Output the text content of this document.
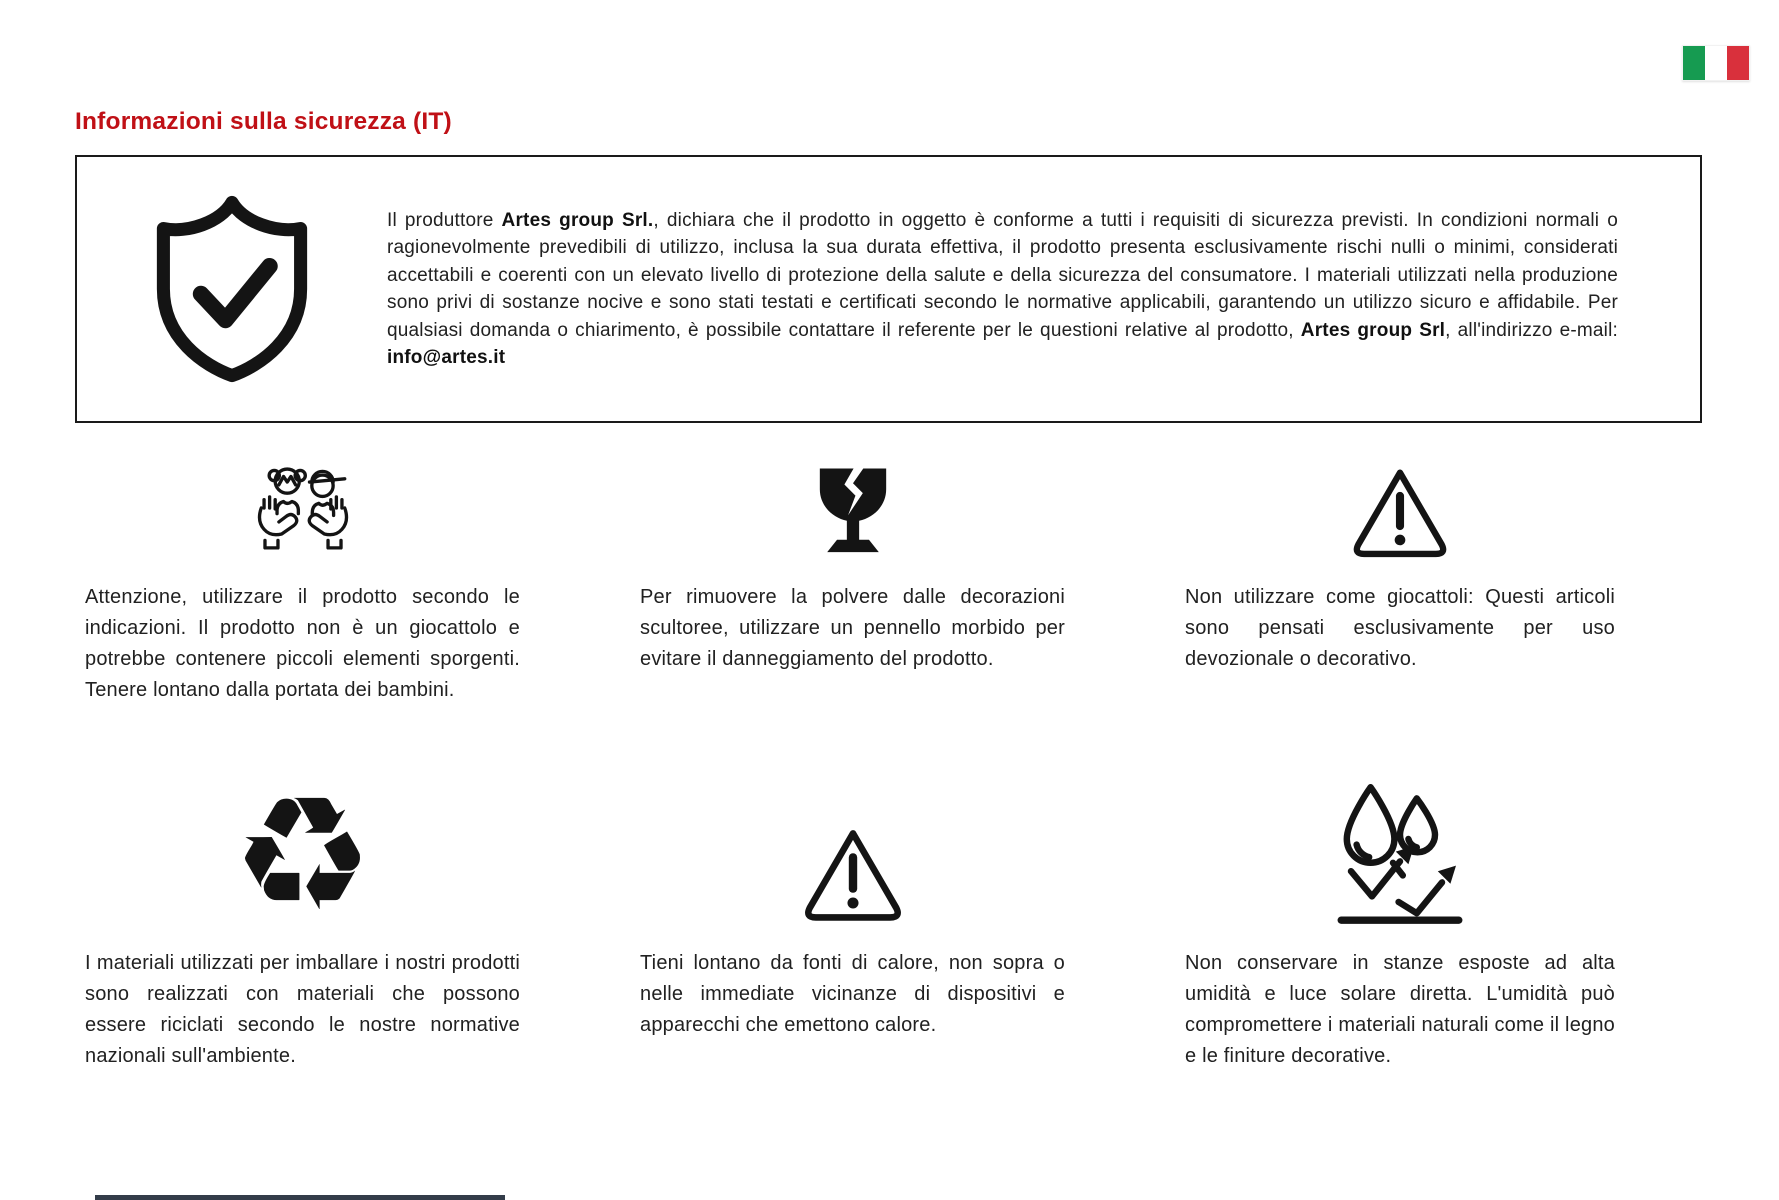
Informazioni sulla sicurezza (IT)

Il produttore Artes group Srl., dichiara che il prodotto in oggetto è conforme a tutti i requisiti di sicurezza previsti. In condizioni normali o ragionevolmente prevedibili di utilizzo, inclusa la sua durata effettiva, il prodotto presenta esclusivamente rischi nulli o minimi, considerati accettabili e coerenti con un elevato livello di protezione della salute e della sicurezza del consumatore. I materiali utilizzati nella produzione sono privi di sostanze nocive e sono stati testati e certificati secondo le normative applicabili, garantendo un utilizzo sicuro e affidabile. Per qualsiasi domanda o chiarimento, è possibile contattare il referente per le questioni relative al prodotto, Artes group Srl, all'indirizzo e-mail: info@artes.it

Attenzione, utilizzare il prodotto secondo le indicazioni. Il prodotto non è un giocattolo e potrebbe contenere piccoli elementi sporgenti. Tenere lontano dalla portata dei bambini.

Per rimuovere la polvere dalle decorazioni scultoree, utilizzare un pennello morbido per evitare il danneggiamento del prodotto.

Non utilizzare come giocattoli: Questi articoli sono pensati esclusivamente per uso devozionale o decorativo.

♻

I materiali utilizzati per imballare i nostri prodotti sono realizzati con materiali che possono essere riciclati secondo le nostre normative nazionali sull'ambiente.

Tieni lontano da fonti di calore, non sopra o nelle immediate vicinanze di dispositivi e apparecchi che emettono calore.

Non conservare in stanze esposte ad alta umidità e luce solare diretta. L'umidità può compromettere i materiali naturali come il legno e le finiture decorative.
